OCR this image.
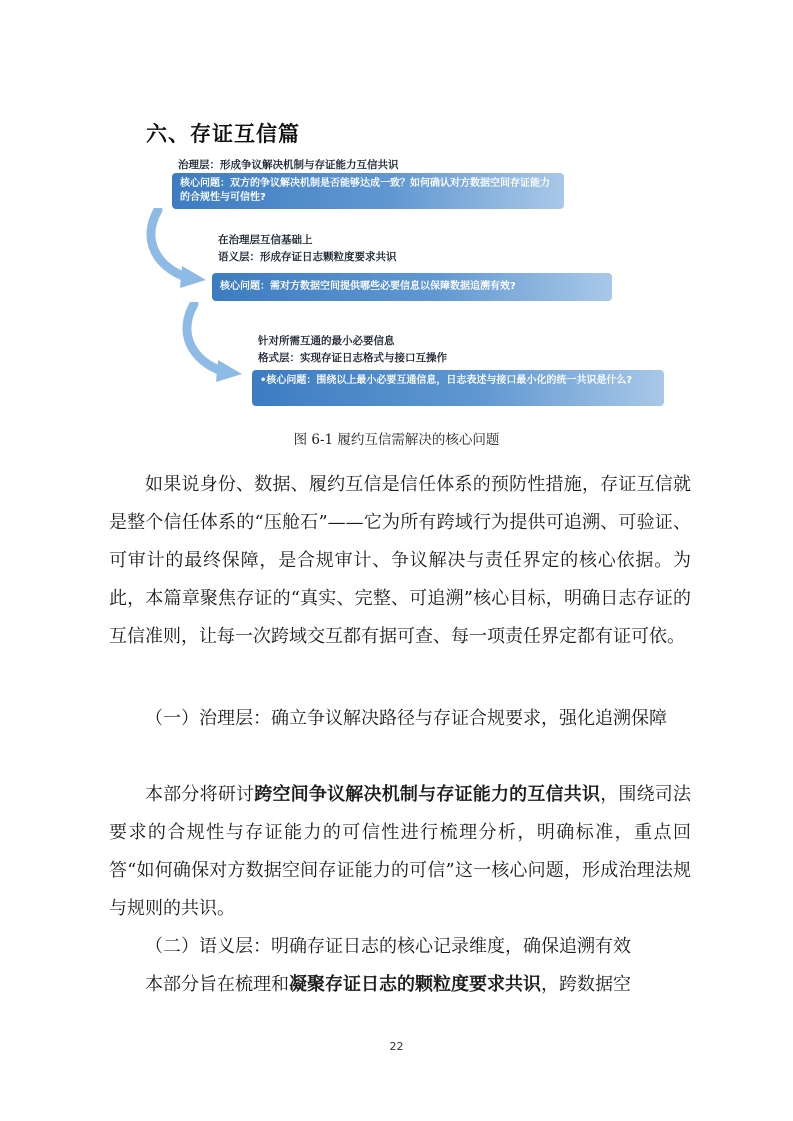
六、存证互信篇
治理层：形成争议解决机制与存证能力互信共识
核心问题：双方的争议解决机制是否能够达成一致？如何确认对方数据空间存证能力的合规性与可信性?
在治理层互信基础上
语义层：形成存证日志颗粒度要求共识
核心问题：需对方数据空间提供哪些必要信息以保障数据追溯有效?
针对所需互通的最小必要信息
格式层：实现存证日志格式与接口互操作
•核心问题：围绕以上最小必要互通信息，日志表述与接口最小化的统一共识是什么?
图 6-1 履约互信需解决的核心问题

如果说身份、数据、履约互信是信任体系的预防性措施，存证互信就是整个信任体系的“压舱石”——它为所有跨域行为提供可追溯、可验证、可审计的最终保障，是合规审计、争议解决与责任界定的核心依据。为此，本篇章聚焦存证的“真实、完整、可追溯”核心目标，明确日志存证的互信准则，让每一次跨域交互都有据可查、每一项责任界定都有证可依。

（一）治理层：确立争议解决路径与存证合规要求，强化追溯保障

本部分将研讨跨空间争议解决机制与存证能力的互信共识，围绕司法要求的合规性与存证能力的可信性进行梳理分析，明确标准，重点回答“如何确保对方数据空间存证能力的可信”这一核心问题，形成治理法规与规则的共识。

（二）语义层：明确存证日志的核心记录维度，确保追溯有效

本部分旨在梳理和凝聚存证日志的颗粒度要求共识，跨数据空

22
